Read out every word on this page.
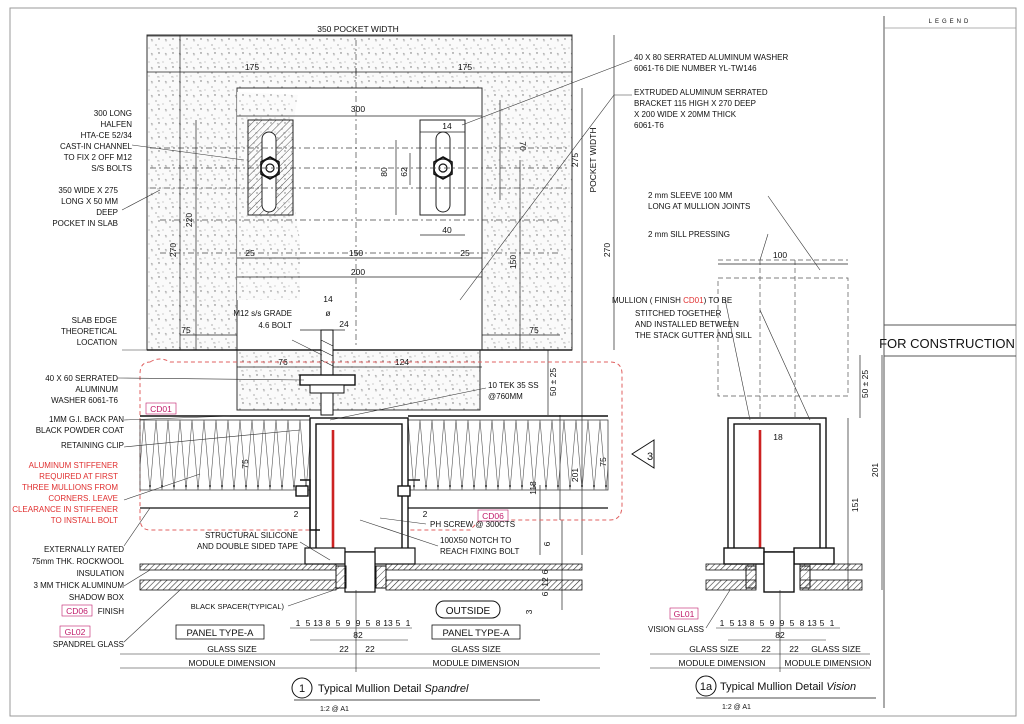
LEGEND
FOR CONSTRUCTION
350 POCKET WIDTH
175	175
300
14
70
80 62
275 POCKET WIDTH
270
220
270	25	150	25
40
200
150
14
ø
24
75	75
76	124
50 ± 25
2	2
6
6
6
3
3
300 LONG HALFEN HTA-CE 52/34 CAST-IN CHANNEL TO FIX 2 OFF M12 S/S BOLTS
350 WIDE X 275 LONG X 50 MM DEEP POCKET IN SLAB
SLAB EDGE THEORETICAL LOCATION
40 X 60 SERRATED ALUMINUM WASHER 6061-T6
1MM G.I. BACK PAN BLACK POWDER COAT
RETAINING CLIP
ALUMINUM STIFFENER REQUIRED AT FIRST THREE MULLIONS FROM CORNERS. LEAVE CLEARANCE IN STIFFENER TO INSTALL BOLT
EXTERNALLY RATED 75mm THK. ROCKWOOL INSULATION 3 MM THICK ALUMINUM SHADOW BOX
SPANDREL GLASS
FINISH
CD01
CD06
CD06
GL02
40 X 80 SERRATED ALUMINUM WASHER 6061-T6 DIE NUMBER YL-TW146
EXTRUDED ALUMINUM SERRATED BRACKET 115 HIGH X 270 DEEP X 200 WIDE X 20MM THICK 6061-T6
M12 s/s GRADE 4.6 BOLT
10 TEK 35 SS @760MM
STRUCTURAL SILICONE AND DOUBLE SIDED TAPE
BLACK SPACER(TYPICAL)
PH SCREW @ 300CTS
100X50 NOTCH TO REACH FIXING BOLT
OUTSIDE
PANEL TYPE-A	PANEL TYPE-A
1 5 13 8 5 9 9 5 8 13 5 1
82
22 22
GLASS SIZE	GLASS SIZE
MODULE DIMENSION	MODULE DIMENSION
1 Typical Mullion Detail Spandrel
1:2 @ A1
100
50 ± 25
18
201
151
2 mm SLEEVE 100 MM LONG AT MULLION JOINTS
2 mm SILL PRESSING
MULLION ( FINISH CD01) TO BE
STITCHED TOGETHER AND INSTALLED BETWEEN THE STACK GUTTER AND SILL
GL01
VISION GLASS
1 5 13 8 5 9 9 5 8 13 5 1
82
22 22
GLASS SIZE	GLASS SIZE
MODULE DIMENSION MODULE DIMENSION
1a Typical Mullion Detail Vision
1:2 @ A1
